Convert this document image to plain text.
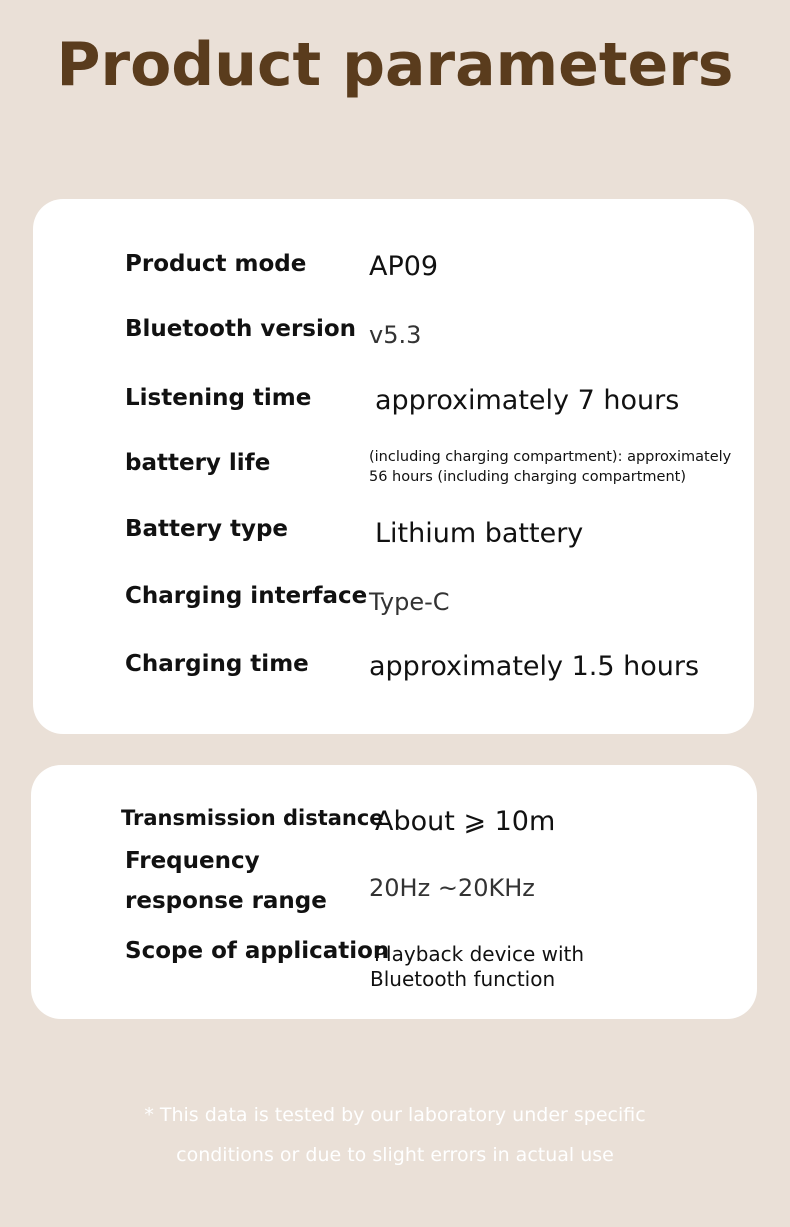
Product parameters
Product mode AP09
Bluetooth version v5.3
Listening time approximately 7 hours
battery life	(including charging compartment): approximately 56 hours (including charging compartment)
Battery type	Lithium battery
Charging interface Type-C
Charging time approximately 1.5 hours
Transmission distance
About ⩾ 10m
Frequency
response range 20Hz ~20KHz
Scope of application
Playback device with
Bluetooth function

* This data is tested by our laboratory under specific

conditions or due to slight errors in actual use
